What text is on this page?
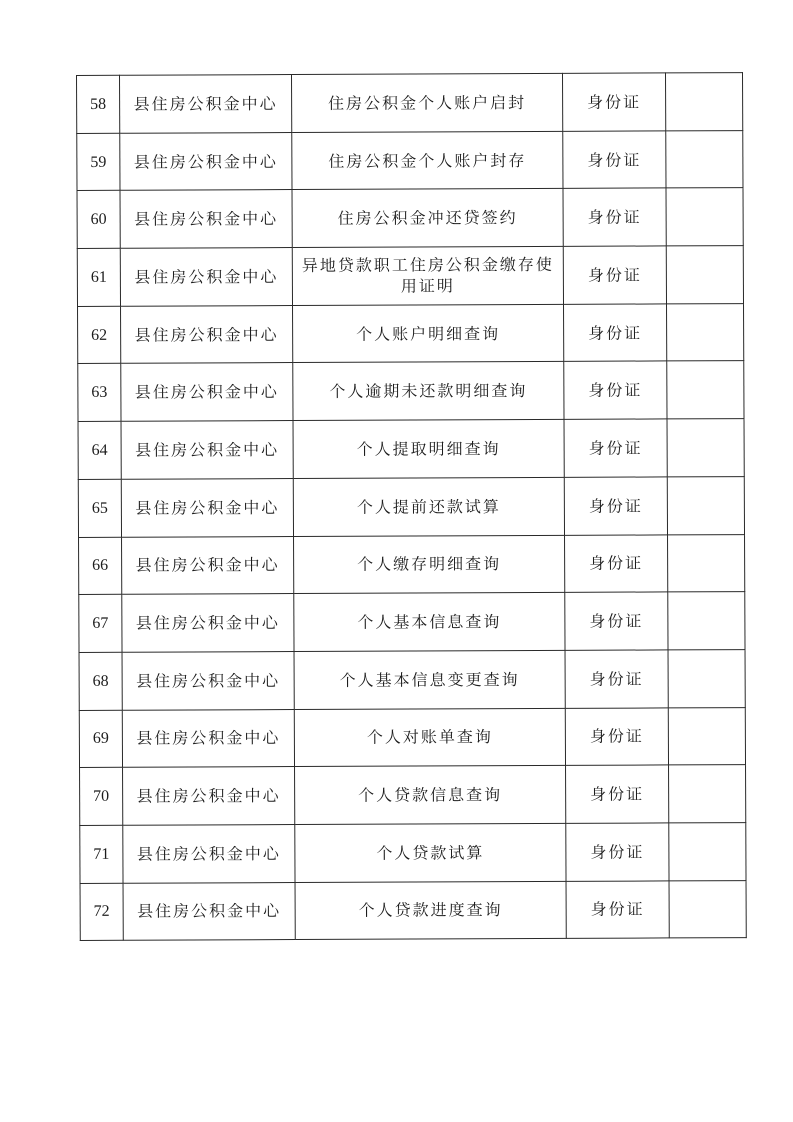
58	县住房公积金中心	住房公积金个人账户启封	身份证	
59	县住房公积金中心	住房公积金个人账户封存	身份证	
60	县住房公积金中心	住房公积金冲还贷签约	身份证	
61	县住房公积金中心	异地贷款职工住房公积金缴存使用证明	身份证	
62	县住房公积金中心	个人账户明细查询	身份证	
63	县住房公积金中心	个人逾期未还款明细查询	身份证	
64	县住房公积金中心	个人提取明细查询	身份证	
65	县住房公积金中心	个人提前还款试算	身份证	
66	县住房公积金中心	个人缴存明细查询	身份证	
67	县住房公积金中心	个人基本信息查询	身份证	
68	县住房公积金中心	个人基本信息变更查询	身份证	
69	县住房公积金中心	个人对账单查询	身份证	
70	县住房公积金中心	个人贷款信息查询	身份证	
71	县住房公积金中心	个人贷款试算	身份证	
72	县住房公积金中心	个人贷款进度查询	身份证	
